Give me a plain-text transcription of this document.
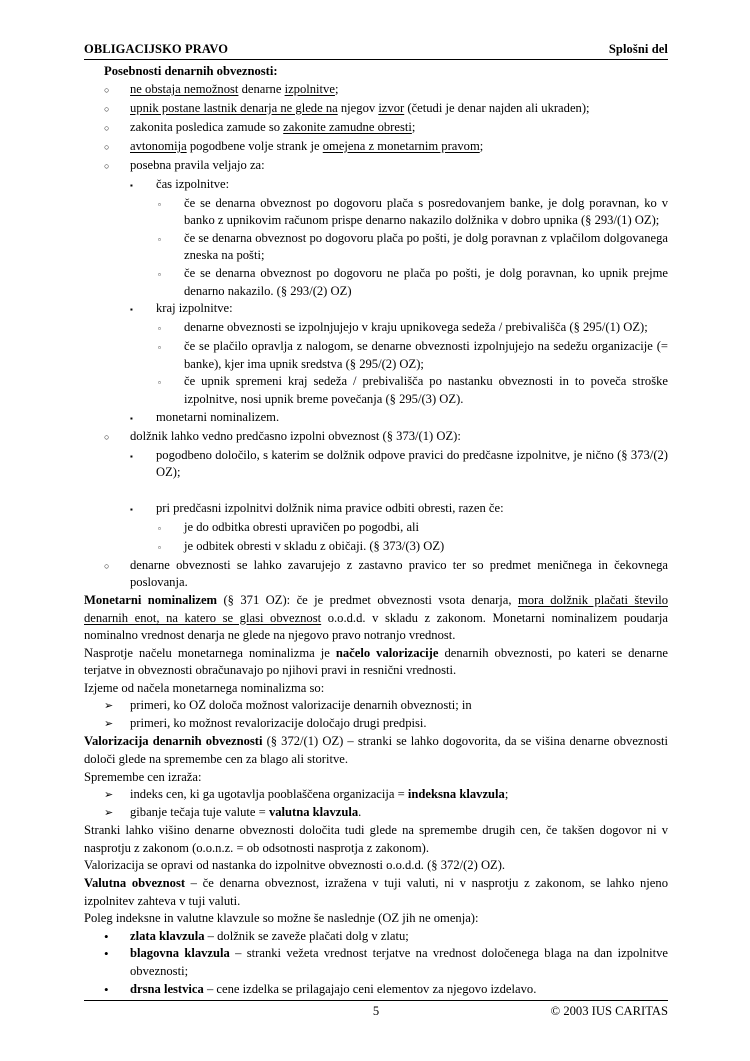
OBLIGACIJSKO PRAVO	Splošni del
Posebnosti denarnih obveznosti:
○	ne obstaja nemožnost denarne izpolnitve;
○	upnik postane lastnik denarja ne glede na njegov izvor (četudi je denar najden ali ukraden);
○	zakonita posledica zamude so zakonite zamudne obresti;
○	avtonomija pogodbene volje strank je omejena z monetarnim pravom;
○	posebna pravila veljajo za:
▪	čas izpolnitve:
▫	če se denarna obveznost po dogovoru plača s posredovanjem banke, je dolg poravnan, ko v banko z upnikovim računom prispe denarno nakazilo dolžnika v dobro upnika (§ 293/(1) OZ);
▫	če se denarna obveznost po dogovoru plača po pošti, je dolg poravnan z vplačilom dolgovanega zneska na pošti;
▫	če se denarna obveznost po dogovoru ne plača po pošti, je dolg poravnan, ko upnik prejme denarno nakazilo. (§ 293/(2) OZ)
▪	kraj izpolnitve:
▫	denarne obveznosti se izpolnjujejo v kraju upnikovega sedeža / prebivališča (§ 295/(1) OZ);
▫	če se plačilo opravlja z nalogom, se denarne obveznosti izpolnjujejo na sedežu organizacije (= banke), kjer ima upnik sredstva (§ 295/(2) OZ);
▫	če upnik spremeni kraj sedeža / prebivališča po nastanku obveznosti in to poveča stroške izpolnitve, nosi upnik breme povečanja (§ 295/(3) OZ).
▪	monetarni nominalizem.
○	dolžnik lahko vedno predčasno izpolni obveznost (§ 373/(1) OZ):
▪	pogodbeno določilo, s katerim se dolžnik odpove pravici do predčasne izpolnitve, je nično (§ 373/(2) OZ);
▪	pri predčasni izpolnitvi dolžnik nima pravice odbiti obresti, razen če:
▫	je do odbitka obresti upravičen po pogodbi, ali
▫	je odbitek obresti v skladu z običaji. (§ 373/(3) OZ)
○	denarne obveznosti se lahko zavarujejo z zastavno pravico ter so predmet meničnega in čekovnega poslovanja.

Monetarni nominalizem (§ 371 OZ): če je predmet obveznosti vsota denarja, mora dolžnik plačati število denarnih enot, na katero se glasi obveznost o.o.d.d. v skladu z zakonom. Monetarni nominalizem poudarja nominalno vrednost denarja ne glede na njegovo pravo notranjo vrednost.

Nasprotje načelu monetarnega nominalizma je načelo valorizacije denarnih obveznosti, po kateri se denarne terjatve in obveznosti obračunavajo po njihovi pravi in resnični vrednosti.

Izjeme od načela monetarnega nominalizma so:

➢	primeri, ko OZ določa možnost valorizacije denarnih obveznosti; in
➢	primeri, ko možnost revalorizacije določajo drugi predpisi.

Valorizacija denarnih obveznosti (§ 372/(1) OZ) – stranki se lahko dogovorita, da se višina denarne obveznosti določi glede na spremembe cen za blago ali storitve.

Spremembe cen izraža:

➢	indeks cen, ki ga ugotavlja pooblaščena organizacija = indeksna klavzula;
➢	gibanje tečaja tuje valute = valutna klavzula.

Stranki lahko višino denarne obveznosti določita tudi glede na spremembe drugih cen, če takšen dogovor ni v nasprotju z zakonom (o.o.n.z. = ob odsotnosti nasprotja z zakonom).

Valorizacija se opravi od nastanka do izpolnitve obveznosti o.o.d.d. (§ 372/(2) OZ).

Valutna obveznost – če denarna obveznost, izražena v tuji valuti, ni v nasprotju z zakonom, se lahko njeno izpolnitev zahteva v tuji valuti.

Poleg indeksne in valutne klavzule so možne še naslednje (OZ jih ne omenja):

•	zlata klavzula – dolžnik se zaveže plačati dolg v zlatu;
•	blagovna klavzula – stranki vežeta vrednost terjatve na vrednost določenega blaga na dan izpolnitve obveznosti;
•	drsna lestvica – cene izdelka se prilagajajo ceni elementov za njegovo izdelavo.
5	© 2003 IUS CARITAS
